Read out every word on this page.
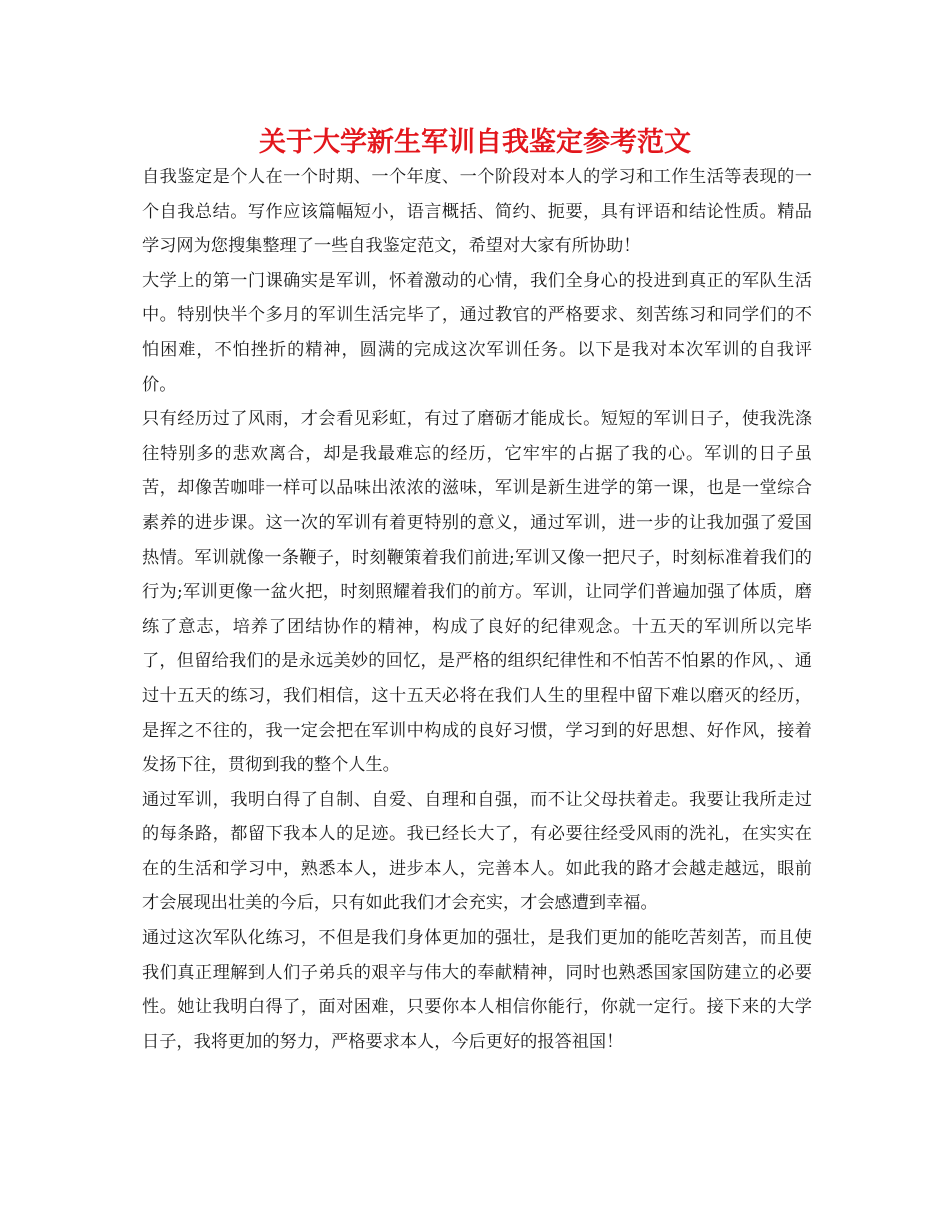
关于大学新生军训自我鉴定参考范文

自我鉴定是个人在一个时期、一个年度、一个阶段对本人的学习和工作生活等表现的一个自我总结。写作应该篇幅短小，语言概括、简约、扼要，具有评语和结论性质。精品学习网为您搜集整理了一些自我鉴定范文，希望对大家有所协助！

大学上的第一门课确实是军训，怀着激动的心情，我们全身心的投进到真正的军队生活中。特别快半个多月的军训生活完毕了，通过教官的严格要求、刻苦练习和同学们的不怕困难，不怕挫折的精神，圆满的完成这次军训任务。以下是我对本次军训的自我评价。

只有经历过了风雨，才会看见彩虹，有过了磨砺才能成长。短短的军训日子，使我洗涤往特别多的悲欢离合，却是我最难忘的经历，它牢牢的占据了我的心。军训的日子虽苦，却像苦咖啡一样可以品味出浓浓的滋味，军训是新生进学的第一课，也是一堂综合素养的进步课。这一次的军训有着更特别的意义，通过军训，进一步的让我加强了爱国热情。军训就像一条鞭子，时刻鞭策着我们前进;军训又像一把尺子，时刻标准着我们的行为;军训更像一盆火把，时刻照耀着我们的前方。军训，让同学们普遍加强了体质，磨练了意志，培养了团结协作的精神，构成了良好的纪律观念。十五天的军训所以完毕了，但留给我们的是永远美妙的回忆，是严格的组织纪律性和不怕苦不怕累的作风，、通过十五天的练习，我们相信，这十五天必将在我们人生的里程中留下难以磨灭的经历，是挥之不往的，我一定会把在军训中构成的良好习惯，学习到的好思想、好作风，接着发扬下往，贯彻到我的整个人生。

通过军训，我明白得了自制、自爱、自理和自强，而不让父母扶着走。我要让我所走过的每条路，都留下我本人的足迹。我已经长大了，有必要往经受风雨的洗礼，在实实在在的生活和学习中，熟悉本人，进步本人，完善本人。如此我的路才会越走越远，眼前才会展现出壮美的今后，只有如此我们才会充实，才会感遭到幸福。

通过这次军队化练习，不但是我们身体更加的强壮，是我们更加的能吃苦刻苦，而且使我们真正理解到人们子弟兵的艰辛与伟大的奉献精神，同时也熟悉国家国防建立的必要性。她让我明白得了，面对困难，只要你本人相信你能行，你就一定行。接下来的大学日子，我将更加的努力，严格要求本人，今后更好的报答祖国！
